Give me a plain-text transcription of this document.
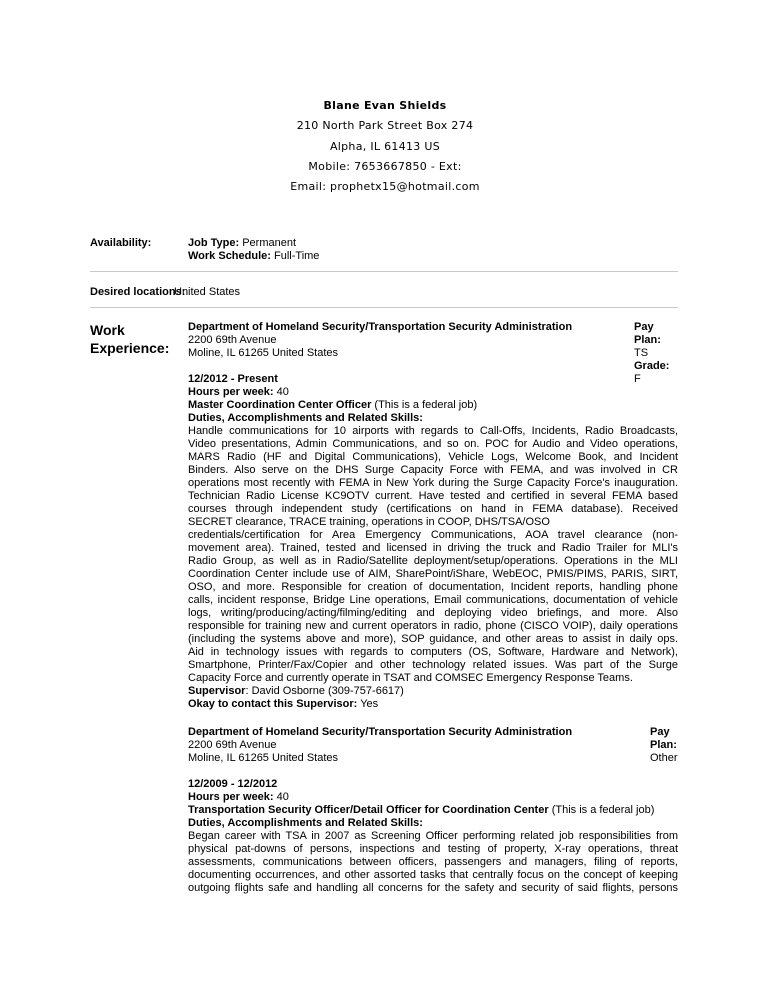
Blane Evan Shields
210 North Park Street Box 274
Alpha, IL 61413 US
Mobile: 7653667850 - Ext:
Email: prophetx15@hotmail.com
Availability:	Job Type: Permanent
Work Schedule: Full-Time
Desired locations:
United States
Work
Experience:
Department of Homeland Security/Transportation Security Administration
2200 69th Avenue
Moline, IL 61265 United States
12/2012 - Present
Hours per week: 40
Master Coordination Center Officer (This is a federal job)
Duties, Accomplishments and Related Skills:
Handle communications for 10 airports with regards to Call-Offs, Incidents, Radio Broadcasts,
Video presentations, Admin Communications, and so on. POC for Audio and Video operations,
MARS Radio (HF and Digital Communications), Vehicle Logs, Welcome Book, and Incident
Binders. Also serve on the DHS Surge Capacity Force with FEMA, and was involved in CR
operations most recently with FEMA in New York during the Surge Capacity Force's inauguration.
Technician Radio License KC9OTV current. Have tested and certified in several FEMA based
courses through independent study (certifications on hand in FEMA database). Received
SECRET clearance, TRACE training, operations in COOP, DHS/TSA/OSO
credentials/certification for Area Emergency Communications, AOA travel clearance (non-
movement area). Trained, tested and licensed in driving the truck and Radio Trailer for MLI's
Radio Group, as well as in Radio/Satellite deployment/setup/operations. Operations in the MLI
Coordination Center include use of AIM, SharePoint/iShare, WebEOC, PMIS/PIMS, PARIS, SIRT,
OSO, and more. Responsible for creation of documentation, Incident reports, handling phone
calls, incident response, Bridge Line operations, Email communications, documentation of vehicle
logs, writing/producing/acting/filming/editing and deploying video briefings, and more. Also
responsible for training new and current operators in radio, phone (CISCO VOIP), daily operations
(including the systems above and more), SOP guidance, and other areas to assist in daily ops.
Aid in technology issues with regards to computers (OS, Software, Hardware and Network),
Smartphone, Printer/Fax/Copier and other technology related issues. Was part of the Surge
Capacity Force and currently operate in TSAT and COMSEC Emergency Response Teams.
Supervisor: David Osborne (309-757-6617)
Okay to contact this Supervisor: Yes
Pay
Plan:
TS
Grade:
F
Department of Homeland Security/Transportation Security Administration
2200 69th Avenue
Moline, IL 61265 United States
12/2009 - 12/2012
Hours per week: 40
Transportation Security Officer/Detail Officer for Coordination Center (This is a federal job)
Duties, Accomplishments and Related Skills:
Began career with TSA in 2007 as Screening Officer performing related job responsibilities from
physical pat-downs of persons, inspections and testing of property, X-ray operations, threat
assessments, communications between officers, passengers and managers, filing of reports,
documenting occurrences, and other assorted tasks that centrally focus on the concept of keeping
outgoing flights safe and handling all concerns for the safety and security of said flights, persons
Pay
Plan:
Other
